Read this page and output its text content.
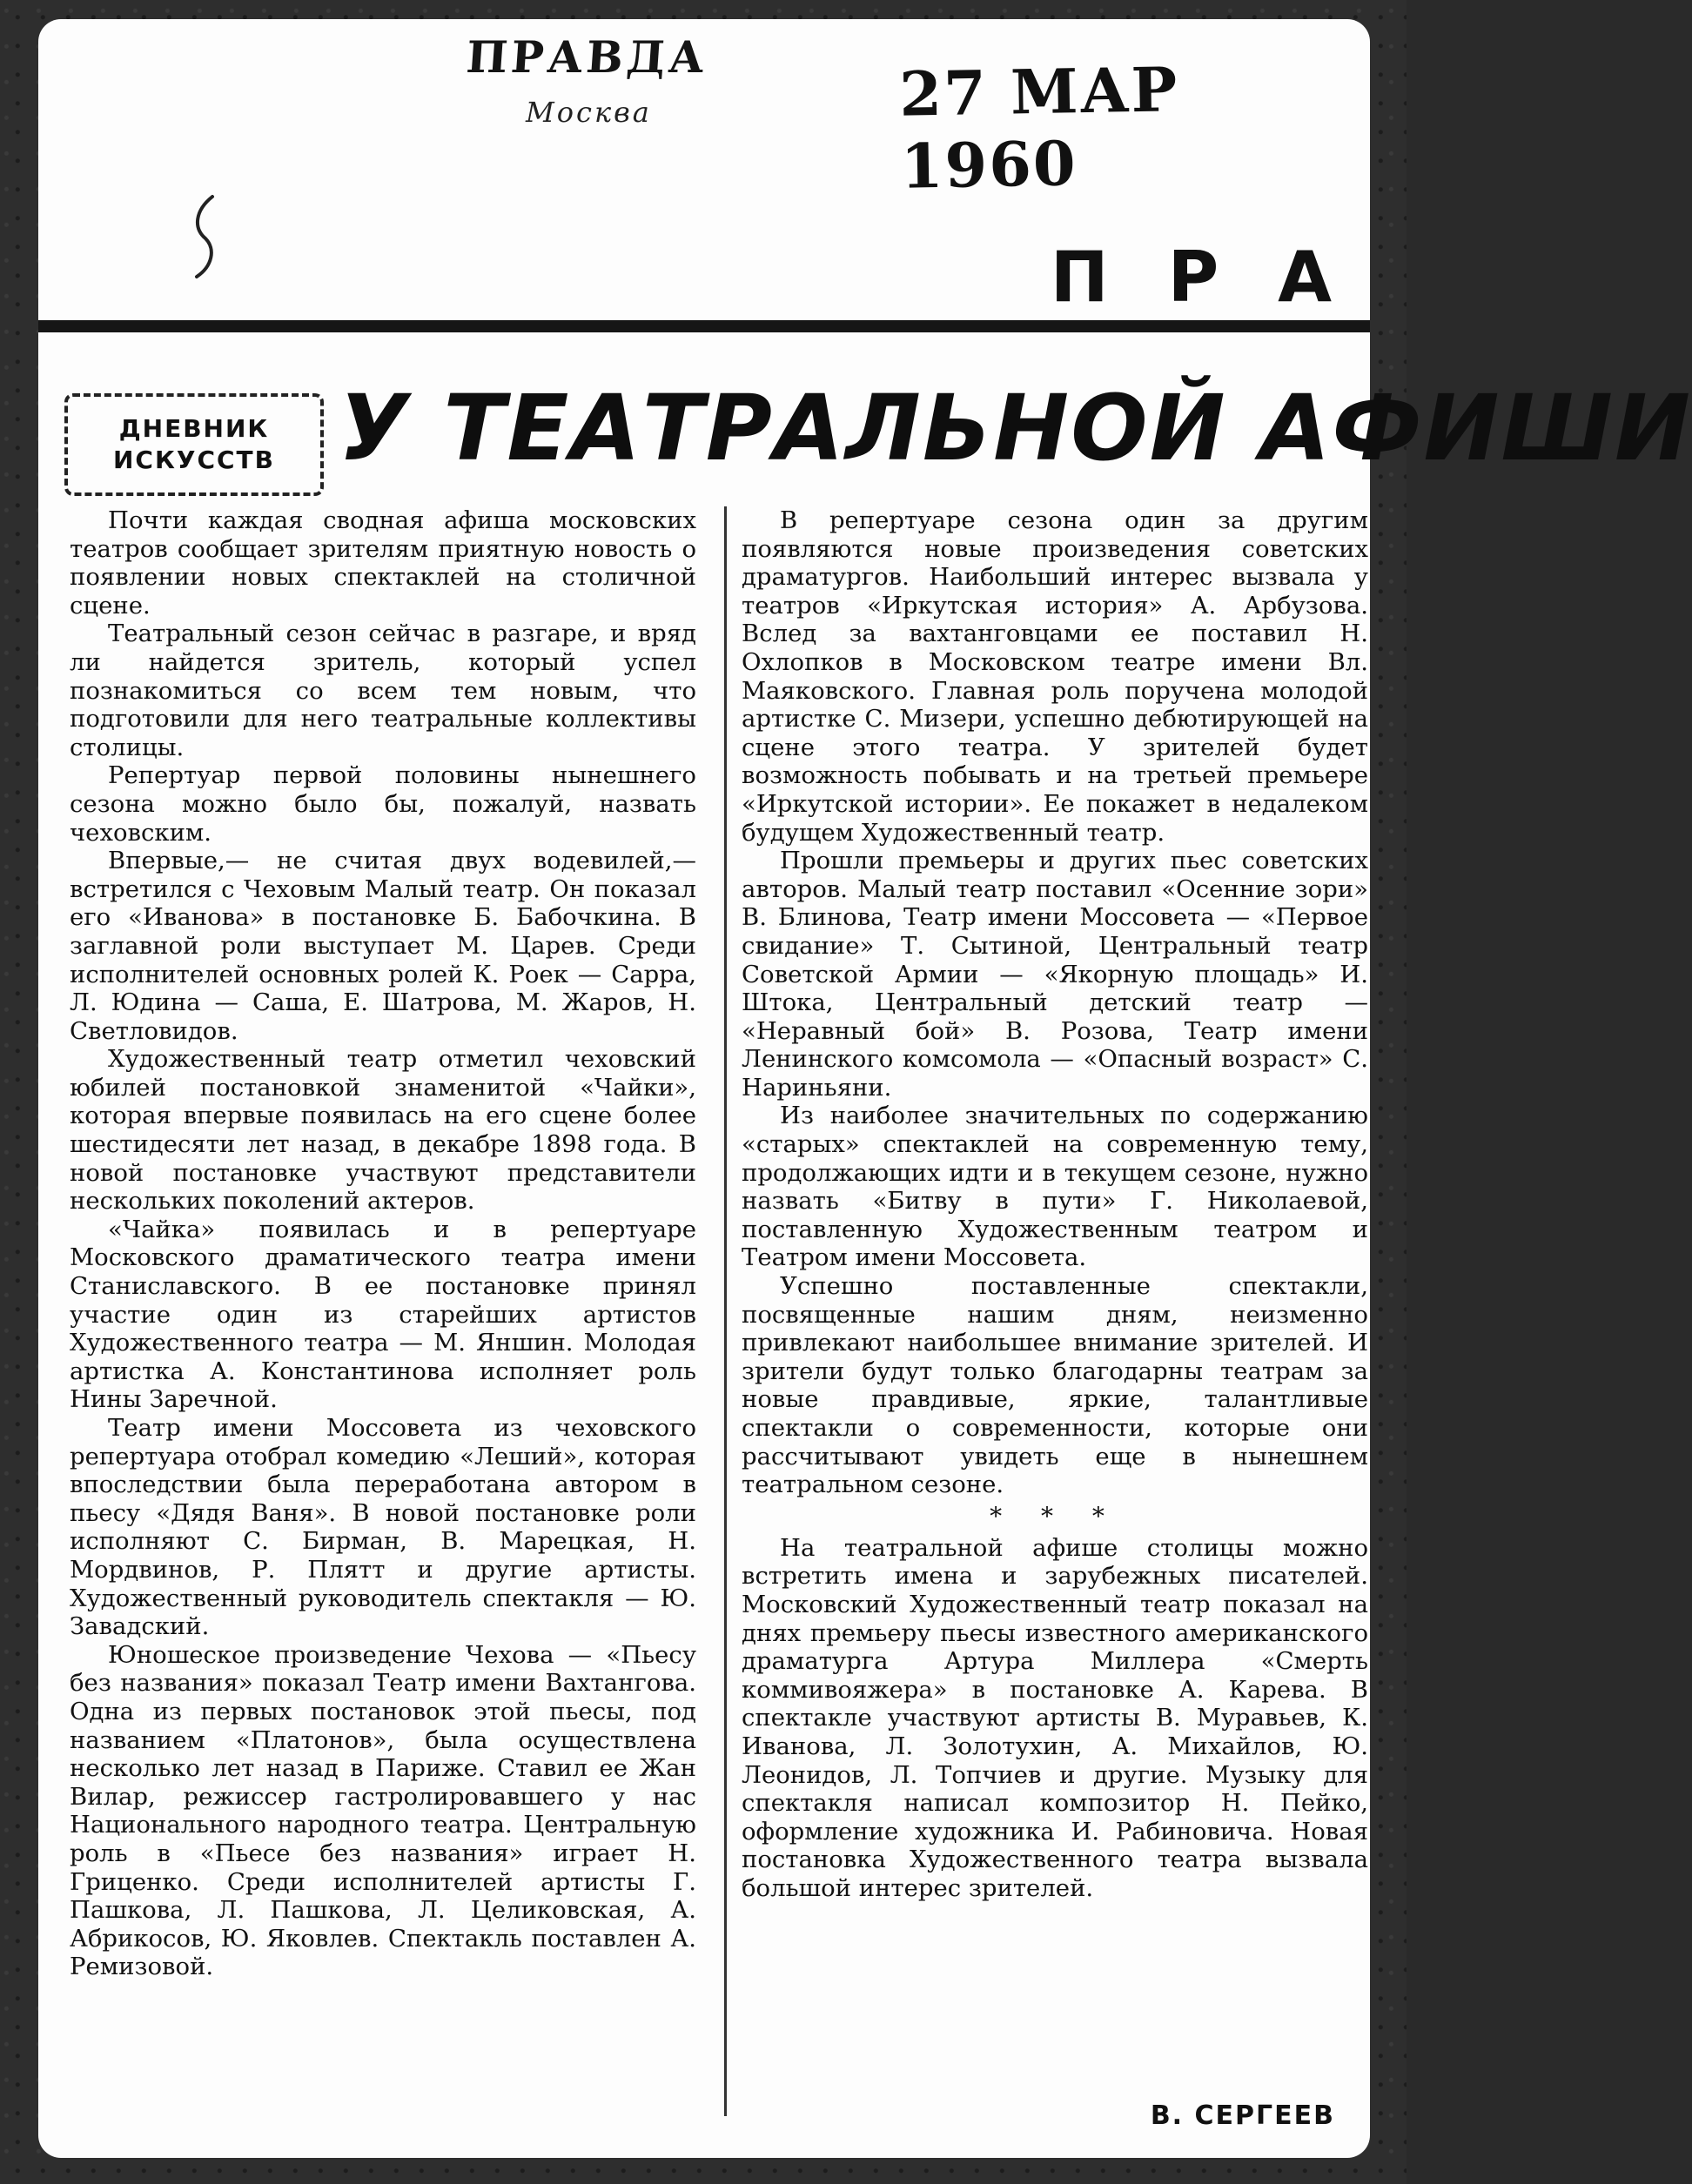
ПРАВДА
Москва	27 МАР 1960
П Р А
ДНЕВНИК
ИСКУССТВ У ТЕАТРАЛЬНОЙ АФИШИ

Почти каждая сводная афиша московских театров сообщает зрителям приятную новость о появлении новых спектаклей на столичной сцене.

Театральный сезон сейчас в разгаре, и вряд ли найдется зритель, который успел познакомиться со всем тем новым, что подготовили для него театральные коллективы столицы.

Репертуар первой половины нынешнего сезона можно было бы, пожалуй, назвать чеховским.

Впервые,— не считая двух водевилей,— встретился с Чеховым Малый театр. Он показал его «Иванова» в постановке Б. Бабочкина. В заглавной роли выступает М. Царев. Среди исполнителей основных ролей К. Роек — Сарра, Л. Юдина — Саша, Е. Шатрова, М. Жаров, Н. Светловидов.

Художественный театр отметил чеховский юбилей постановкой знаменитой «Чайки», которая впервые появилась на его сцене более шестидесяти лет назад, в декабре 1898 года. В новой постановке участвуют представители нескольких поколений актеров.

«Чайка» появилась и в репертуаре Московского драматического театра имени Станиславского. В ее постановке принял участие один из старейших артистов Художественного театра — М. Яншин. Молодая артистка А. Константинова исполняет роль Нины Заречной.

Театр имени Моссовета из чеховского репертуара отобрал комедию «Леший», которая впоследствии была переработана автором в пьесу «Дядя Ваня». В новой постановке роли исполняют С. Бирман, В. Марецкая, Н. Мордвинов, Р. Плятт и другие артисты. Художественный руководитель спектакля — Ю. Завадский.

Юношеское произведение Чехова — «Пьесу без названия» показал Театр имени Вахтангова. Одна из первых постановок этой пьесы, под названием «Платонов», была осуществлена несколько лет назад в Париже. Ставил ее Жан Вилар, режиссер гастролировавшего у нас Национального народного театра. Центральную роль в «Пьесе без названия» играет Н. Гриценко. Среди исполнителей артисты Г. Пашкова, Л. Пашкова, Л. Целиковская, А. Абрикосов, Ю. Яковлев. Спектакль поставлен А. Ремизовой.

В репертуаре сезона один за другим появляются новые произведения советских драматургов. Наибольший интерес вызвала у театров «Иркутская история» А. Арбузова. Вслед за вахтанговцами ее поставил Н. Охлопков в Московском театре имени Вл. Маяковского. Главная роль поручена молодой артистке С. Мизери, успешно дебютирующей на сцене этого театра. У зрителей будет возможность побывать и на третьей премьере «Иркутской истории». Ее покажет в недалеком будущем Художественный театр.

Прошли премьеры и других пьес советских авторов. Малый театр поставил «Осенние зори» В. Блинова, Театр имени Моссовета — «Первое свидание» Т. Сытиной, Центральный театр Советской Армии — «Якорную площадь» И. Штока, Центральный детский театр — «Неравный бой» В. Розова, Театр имени Ленинского комсомола — «Опасный возраст» С. Нариньяни.

Из наиболее значительных по содержанию «старых» спектаклей на современную тему, продолжающих идти и в текущем сезоне, нужно назвать «Битву в пути» Г. Николаевой, поставленную Художественным театром и Театром имени Моссовета.

Успешно поставленные спектакли, посвященные нашим дням, неизменно привлекают наибольшее внимание зрителей. И зрители будут только благодарны театрам за новые правдивые, яркие, талантливые спектакли о современности, которые они рассчитывают увидеть еще в нынешнем театральном сезоне.

* * *

На театральной афише столицы можно встретить имена и зарубежных писателей. Московский Художественный театр показал на днях премьеру пьесы известного американского драматурга Артура Миллера «Смерть коммивояжера» в постановке А. Карева. В спектакле участвуют артисты В. Муравьев, К. Иванова, Л. Золотухин, А. Михайлов, Ю. Леонидов, Л. Топчиев и другие. Музыку для спектакля написал композитор Н. Пейко, оформление художника И. Рабиновича. Новая постановка Художественного театра вызвала большой интерес зрителей.

В. СЕРГЕЕВ
